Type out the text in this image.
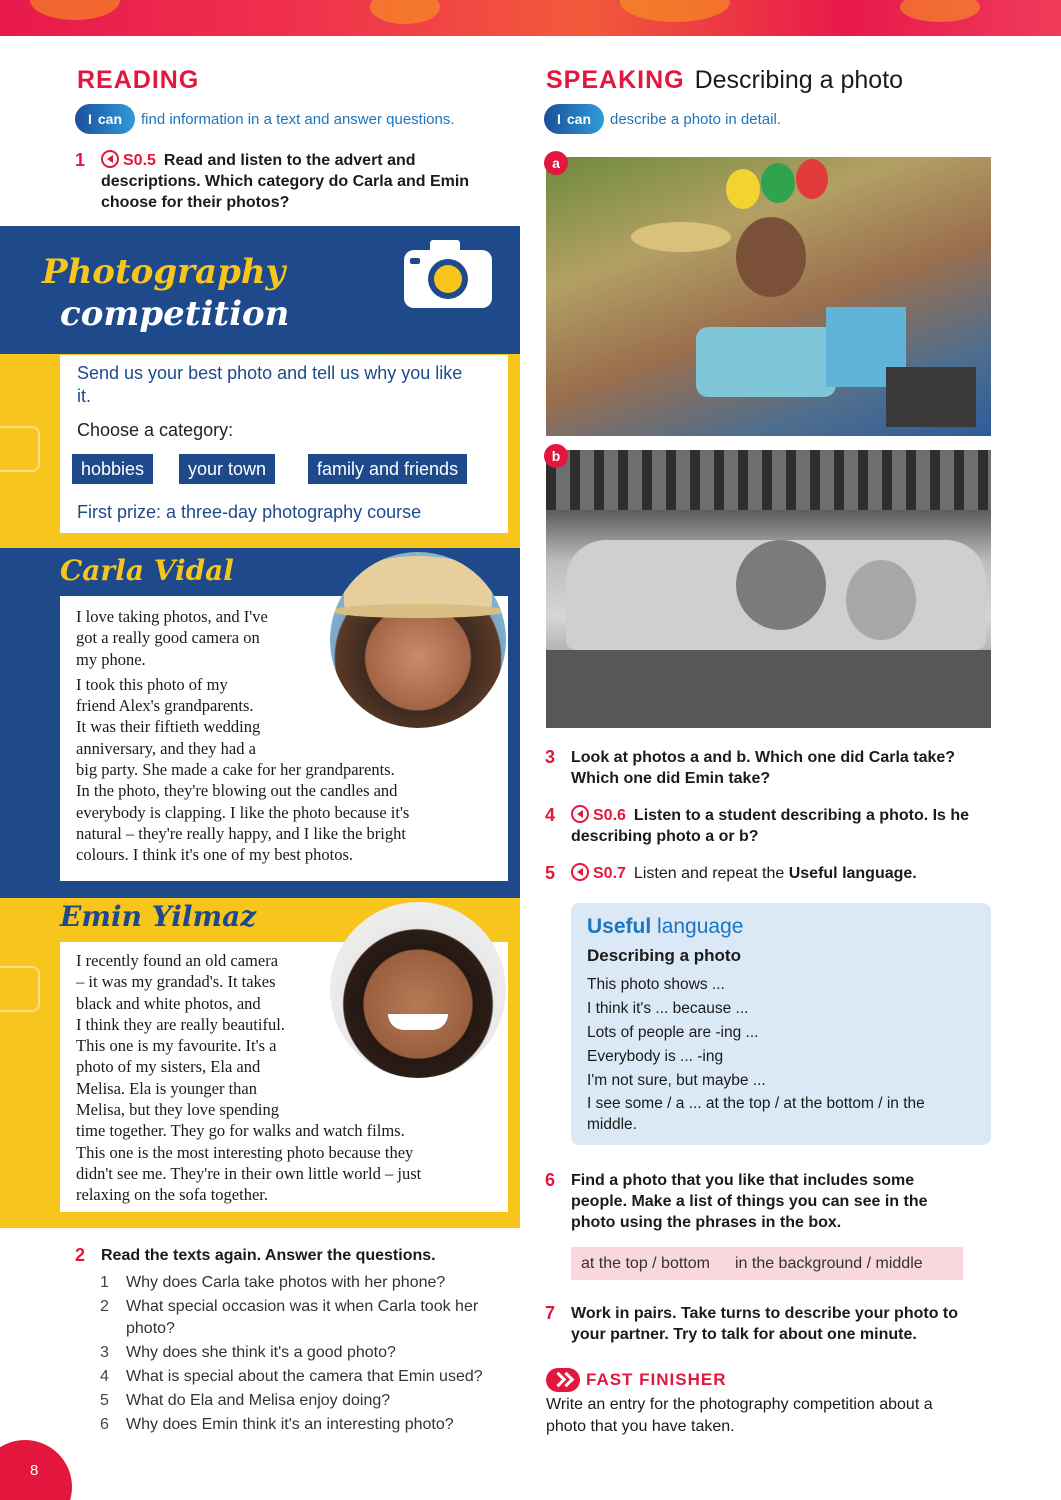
READING
I can find information in a text and answer questions.
1 S0.5 Read and listen to the advert and descriptions. Which category do Carla and Emin choose for their photos?
Photography
competition
Send us your best photo and tell us why you like it.
Choose a category:
hobbies	your town	family and friends
First prize: a three-day photography course
Carla Vidal
I love taking photos, and I've
got a really good camera on
my phone.
I took this photo of my
friend Alex's grandparents.
It was their fiftieth wedding
anniversary, and they had a
big party. She made a cake for her grandparents.
In the photo, they're blowing out the candles and
everybody is clapping. I like the photo because it's
natural – they're really happy, and I like the bright
colours. I think it's one of my best photos.
Emin Yilmaz
I recently found an old camera
– it was my grandad's. It takes
black and white photos, and
I think they are really beautiful.
This one is my favourite. It's a
photo of my sisters, Ela and
Melisa. Ela is younger than
Melisa, but they love spending
time together. They go for walks and watch films.
This one is the most interesting photo because they
didn't see me. They're in their own little world – just
relaxing on the sofa together.
2 Read the texts again. Answer the questions.
1 Why does Carla take photos with her phone?
2 What special occasion was it when Carla took her photo?
3 Why does she think it's a good photo?
4 What is special about the camera that Emin used?
5 What do Ela and Melisa enjoy doing?
6 Why does Emin think it's an interesting photo?
SPEAKING Describing a photo
I can describe a photo in detail.
a
b
3 Look at photos a and b. Which one did Carla take? Which one did Emin take?
4 S0.6 Listen to a student describing a photo. Is he describing photo a or b?
5 S0.7 Listen and repeat the Useful language.
Useful language
Describing a photo
This photo shows ...
I think it's ... because ...
Lots of people are -ing ...
Everybody is ... -ing
I'm not sure, but maybe ...
I see some / a ... at the top / at the bottom / in the middle.
6 Find a photo that you like that includes some people. Make a list of things you can see in the photo using the phrases in the box.
at the top / bottom	in the background / middle
7 Work in pairs. Take turns to describe your photo to your partner. Try to talk for about one minute.
FAST FINISHER
Write an entry for the photography competition about a photo that you have taken.
8
